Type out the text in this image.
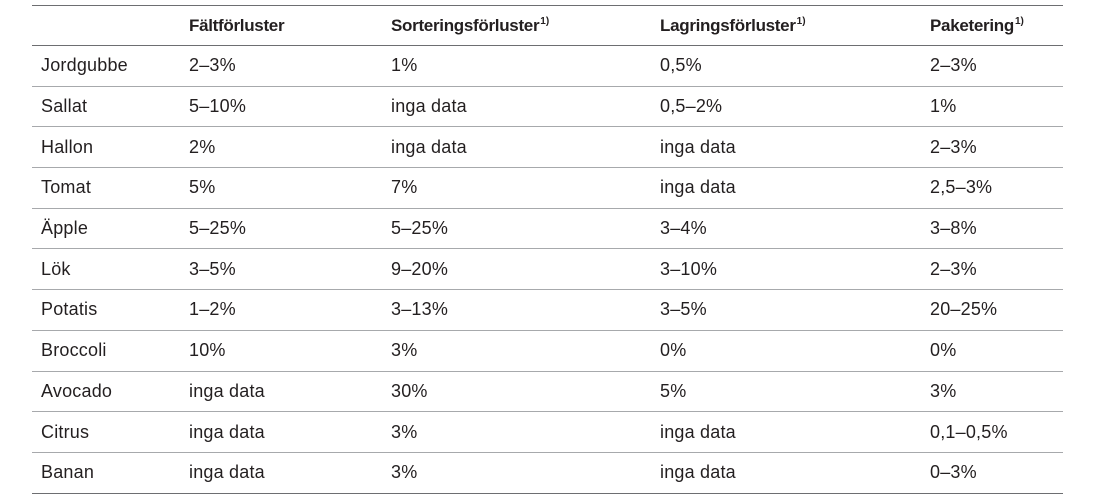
	Fältförluster	Sorteringsförluster$^{1)}$	Lagringsförluster$^{1)}$	Paketering$^{1)}$
Jordgubbe	2–3%	1%	0,5%	2–3%
Sallat	5–10%	inga data	0,5–2%	1%
Hallon	2%	inga data	inga data	2–3%
Tomat	5%	7%	inga data	2,5–3%
Äpple	5–25%	5–25%	3–4%	3–8%
Lök	3–5%	9–20%	3–10%	2–3%
Potatis	1–2%	3–13%	3–5%	20–25%
Broccoli	10%	3%	0%	0%
Avocado	inga data	30%	5%	3%
Citrus	inga data	3%	inga data	0,1–0,5%
Banan	inga data	3%	inga data	0–3%
